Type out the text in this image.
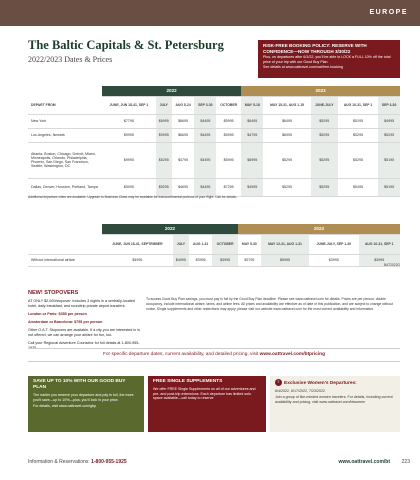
EUROPE
The Baltic Capitals & St. Petersburg
2022/2023 Dates & Prices
RISK-FREE BOOKING POLICY: RESERVE WITH CONFIDENCE—NOW THROUGH 3/30/22
Plus, on departures after 6/1/22, you'll be able to LOCK a FULL 10% off the total price of your trip with our Good Buy Plan
See details at www.oattravel.com/oat/free-booking
	2022					2023				
DEPART FROM	JUNE, JUN 18-41, SEP 1	JULY	AUG 5-24	SEP 3-30	OCTOBER	MAY 5-18	MAY 15-31, AUG 1-15	JUNE-JULY	AUG 10-31, SEP 1	SEP 3-30
New York	$7795	$6995	$6695	$4495	$5995	$6495	$6495	$5295	$5195	$4995
Los Angeles, Newark	$9995	$9995	$6695	$4495	$5995	$4795	$6995	$5295	$5295	$5295
Atlanta, Boston, Chicago, Detroit, Miami, Minneapolis, Orlando, Philadelphia, Phoenix, San Diego, San Francisco, Seattle, Washington, DC	$9995	$5295	$4795	$4495	$5995	$6995	$5295	$5295	$5295	$5195
Dallas, Denver, Houston, Portland, Tampa	$5095	$5295	$4695	$4495	$7295	$4995	$5295	$5295	$5495	$5195
Additional departure cities are available. Upgrade to Business Class may be available for transcontinental portions of your flight. Call for details.
	2022				2023			
	JUNE, JUN 18-41, SEPTEMBER	JULY	AUG 1-31	OCTOBER	MAY 5-30	MAY 12-31, AUG 1-31	JUNE-JULY, SEP 1-30	AUG 10-31, SEP 1
Without international airfare	$4995	$4995	$3995	$3995	$3795	$5995	$3995	$3995
BAT2022G
NEW! STOPOVERS

AT ONLY $2,000/stopover. Includes 3 nights in a centrally-located hotel, daily breakfast, and roundtrip private airport transfers.

London or Paris: $355 per person

Amsterdam or Barcelona: $755 per person

Other O.A.T. Stopovers are available. If a city you are interested in is not offered, we can arrange your airfare for fun, too.

Call your Regional Adventure Counselor for full details at 1-800-955-1925

To access Good Buy Plan savings, you must pay in full by the Good Buy Plan deadline. Please see www.oattravel.com for details. Prices are per person, double occupancy, include international airfare, taxes, and airline fees. All prices and availability are effective as of date of this publication, and are subject to change without notice. Single supplements and other restrictions may apply; please visit our website www.oattravel.com for the most current availability and information.
For specific departure dates, current availability, and detailed pricing, visit www.oattravel.com/btpricing
SAVE UP TO 10% WITH OUR GOOD BUY PLAN
The earlier you reserve your departure and pay in full, the more you'll save—up to 10%—plus, you'll lock in your price.
For details, visit www.oattravel.com/gbp
FREE SINGLE SUPPLEMENTS
We offer FREE Single Supplements on all of our adventures and pre- and post-trip extensions. Each departure has limited solo space available—call today to reserve
♀ Exclusive Women's Departures:
6/4/2022, 6/17/2022, 7/23/2022
Join a group of like-minded women travelers. For details, including current availability and pricing, visit www.oattravel.com/btwomen
Information & Reservations: 1-800-955-1925	www.oattravel.com/bt 223
